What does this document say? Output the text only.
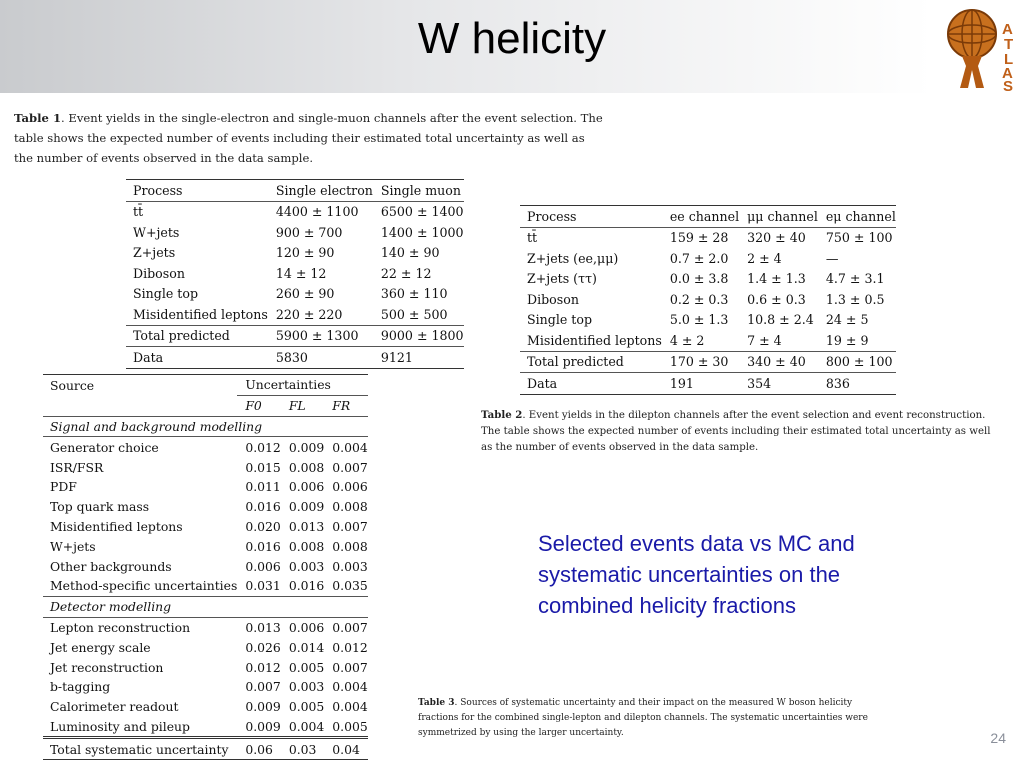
W helicity	A
T
L
A
S
Table 1. Event yields in the single-electron and single-muon channels after the event selection. The table shows the expected number of events including their estimated total uncertainty as well as the number of events observed in the data sample.
Process	Single electron	Single muon
tt̄	4400 ± 1100	6500 ± 1400
W+jets	900 ± 700	1400 ± 1000
Z+jets	120 ± 90	140 ± 90
Diboson	14 ± 12	22 ± 12
Single top	260 ± 90	360 ± 110
Misidentified leptons	220 ± 220	500 ± 500
Total predicted	5900 ± 1300	9000 ± 1800
Data	5830	9121
Process	ee channel	μμ channel	eμ channel
tt̄	159 ± 28	320 ± 40	750 ± 100
Z+jets (ee,μμ)	0.7 ± 2.0	2 ± 4	—
Z+jets (ττ)	0.0 ± 3.8	1.4 ± 1.3	4.7 ± 3.1
Diboson	0.2 ± 0.3	0.6 ± 0.3	1.3 ± 0.5
Single top	5.0 ± 1.3	10.8 ± 2.4	24 ± 5
Misidentified leptons	4 ± 2	7 ± 4	19 ± 9
Total predicted	170 ± 30	340 ± 40	800 ± 100
Data	191	354	836
Table 2. Event yields in the dilepton channels after the event selection and event reconstruction. The table shows the expected number of events including their estimated total uncertainty as well as the number of events observed in the data sample.
Source	Uncertainties		
	F0	FL	FR
Signal and background modelling			
Generator choice	0.012	0.009	0.004
ISR/FSR	0.015	0.008	0.007
PDF	0.011	0.006	0.006
Top quark mass	0.016	0.009	0.008
Misidentified leptons	0.020	0.013	0.007
W+jets	0.016	0.008	0.008
Other backgrounds	0.006	0.003	0.003
Method-specific uncertainties	0.031	0.016	0.035
Detector modelling			
Lepton reconstruction	0.013	0.006	0.007
Jet energy scale	0.026	0.014	0.012
Jet reconstruction	0.012	0.005	0.007
b-tagging	0.007	0.003	0.004
Calorimeter readout	0.009	0.005	0.004
Luminosity and pileup	0.009	0.004	0.005
Total systematic uncertainty	0.06	0.03	0.04
Selected events data vs MC and systematic uncertainties on the combined helicity fractions
Table 3. Sources of systematic uncertainty and their impact on the measured W boson helicity fractions for the combined single-lepton and dilepton channels. The systematic uncertainties were symmetrized by using the larger uncertainty.	24
